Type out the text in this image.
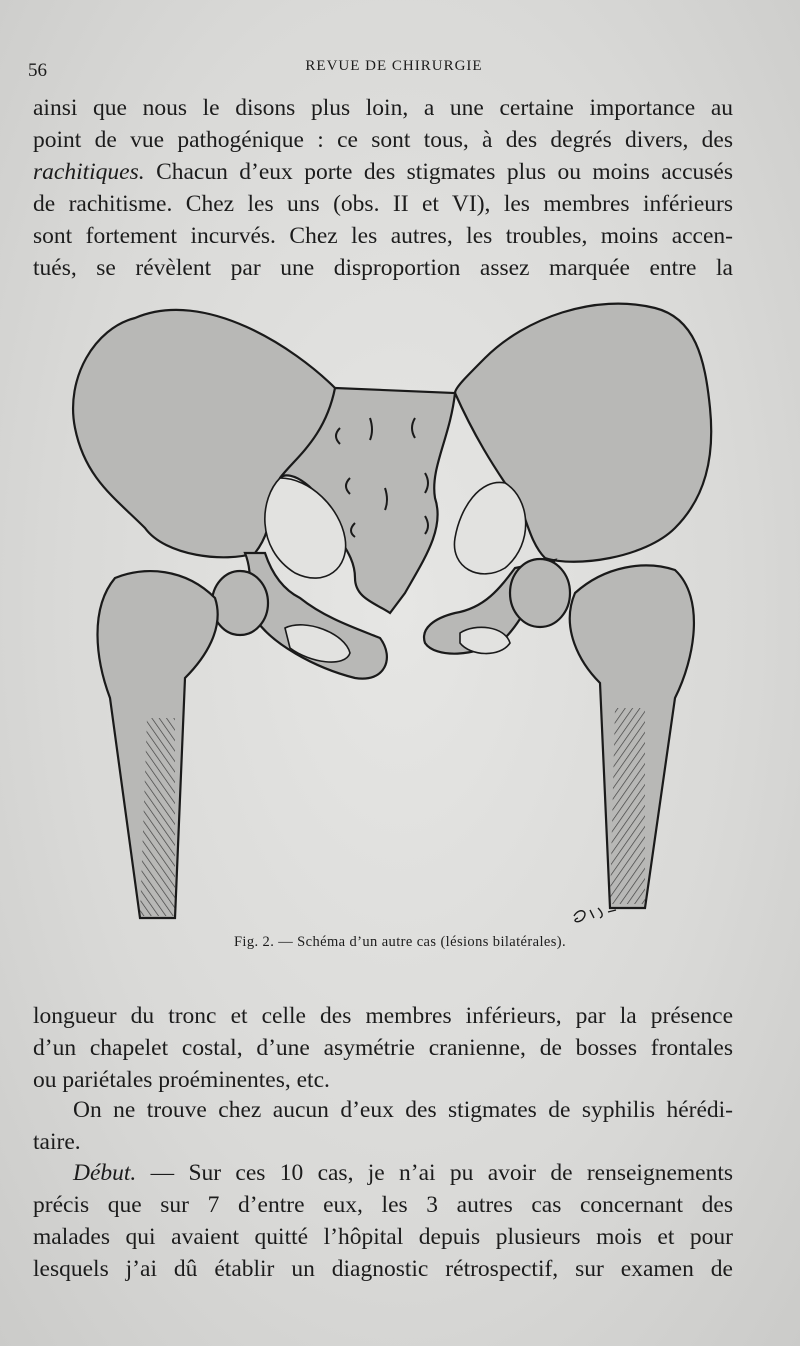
56	REVUE DE CHIRURGIE
ainsi que nous le disons plus loin, a une certaine importance au
point de vue pathogénique : ce sont tous, à des degrés divers, des
rachitiques. Chacun d’eux porte des stigmates plus ou moins accusés
de rachitisme. Chez les uns (obs. II et VI), les membres inférieurs
sont fortement incurvés. Chez les autres, les troubles, moins accen-
tués, se révèlent par une disproportion assez marquée entre la
Fig. 2. — Schéma d’un autre cas (lésions bilatérales).
longueur du tronc et celle des membres inférieurs, par la présence
d’un chapelet costal, d’une asymétrie cranienne, de bosses frontales
ou pariétales proéminentes, etc.
On ne trouve chez aucun d’eux des stigmates de syphilis hérédi-
taire.
Début. — Sur ces 10 cas, je n’ai pu avoir de renseignements
précis que sur 7 d’entre eux, les 3 autres cas concernant des
malades qui avaient quitté l’hôpital depuis plusieurs mois et pour
lesquels j’ai dû établir un diagnostic rétrospectif, sur examen de
